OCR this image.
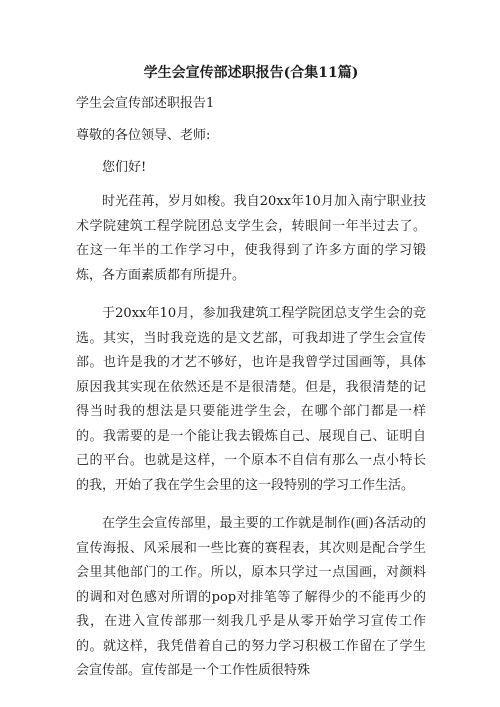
学生会宣传部述职报告(合集11篇)
学生会宣传部述职报告1
尊敬的各位领导、老师:
您们好!
时光荏苒，岁月如梭。我自20xx年10月加入南宁职业技术学院建筑工程学院团总支学生会，转眼间一年半过去了。在这一年半的工作学习中，使我得到了许多方面的学习锻炼，各方面素质都有所提升。
于20xx年10月，参加我建筑工程学院团总支学生会的竞选。其实，当时我竞选的是文艺部，可我却进了学生会宣传部。也许是我的才艺不够好，也许是我曾学过国画等，具体原因我其实现在依然还是不是很清楚。但是，我很清楚的记得当时我的想法是只要能进学生会，在哪个部门都是一样的。我需要的是一个能让我去锻炼自己、展现自己、证明自己的平台。也就是这样，一个原本不自信有那么一点小特长的我，开始了我在学生会里的这一段特别的学习工作生活。
在学生会宣传部里，最主要的工作就是制作(画)各活动的宣传海报、风采展和一些比赛的赛程表，其次则是配合学生会里其他部门的工作。所以，原本只学过一点国画，对颜料的调和对色感对所谓的pop对排笔等了解得少的不能再少的我，在进入宣传部那一刻我几乎是从零开始学习宣传工作的。就这样，我凭借着自己的努力学习积极工作留在了学生会宣传部。宣传部是一个工作性质很特殊
